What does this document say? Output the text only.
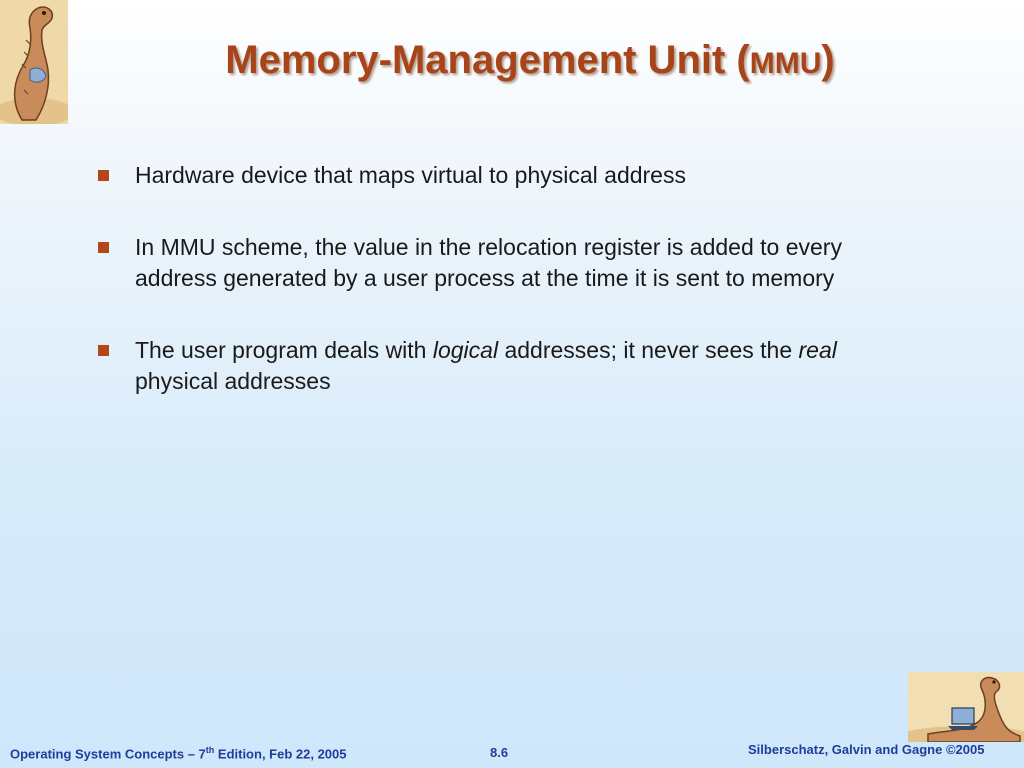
Memory-Management Unit (MMU)
Hardware device that maps virtual to physical address
In MMU scheme, the value in the relocation register is added to every address generated by a user process at the time it is sent to memory
The user program deals with logical addresses; it never sees the real physical addresses
Operating System Concepts – 7th Edition, Feb 22, 2005	8.6	Silberschatz, Galvin and Gagne ©2005
